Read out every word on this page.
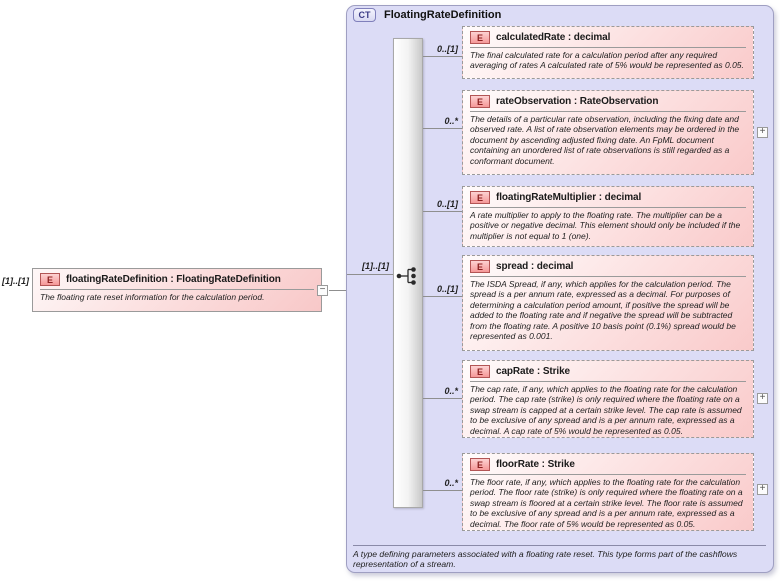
[1]..[1]	E	floatingRateDefinition : FloatingRateDefinition
The floating rate reset information for the calculation period.
−
CT	FloatingRateDefinition
[1]..[1]
0..[1]
E	calculatedRate : decimal
The final calculated rate for a calculation period after any required averaging of rates A calculated rate of 5% would be represented as 0.05.
0..*
E	rateObservation : RateObservation
The details of a particular rate observation, including the fixing date and observed rate. A list of rate observation elements may be ordered in the document by ascending adjusted fixing date. An FpML document containing an unordered list of rate observations is still regarded as a conformant document.
+
0..[1]
E	floatingRateMultiplier : decimal
A rate multiplier to apply to the floating rate. The multiplier can be a positive or negative decimal. This element should only be included if the multiplier is not equal to 1 (one).
0..[1]
E	spread : decimal
The ISDA Spread, if any, which applies for the calculation period. The spread is a per annum rate, expressed as a decimal. For purposes of determining a calculation period amount, if positive the spread will be added to the floating rate and if negative the spread will be subtracted from the floating rate. A positive 10 basis point (0.1%) spread would be represented as 0.001.
0..*
E	capRate : Strike
The cap rate, if any, which applies to the floating rate for the calculation period. The cap rate (strike) is only required where the floating rate on a swap stream is capped at a certain strike level. The cap rate is assumed to be exclusive of any spread and is a per annum rate, expressed as a decimal. A cap rate of 5% would be represented as 0.05.
+
0..*
E	floorRate : Strike
The floor rate, if any, which applies to the floating rate for the calculation period. The floor rate (strike) is only required where the floating rate on a swap stream is floored at a certain strike level. The floor rate is assumed to be exclusive of any spread and is a per annum rate, expressed as a decimal. The floor rate of 5% would be represented as 0.05.
+
A type defining parameters associated with a floating rate reset. This type forms part of the cashflows representation of a stream.
